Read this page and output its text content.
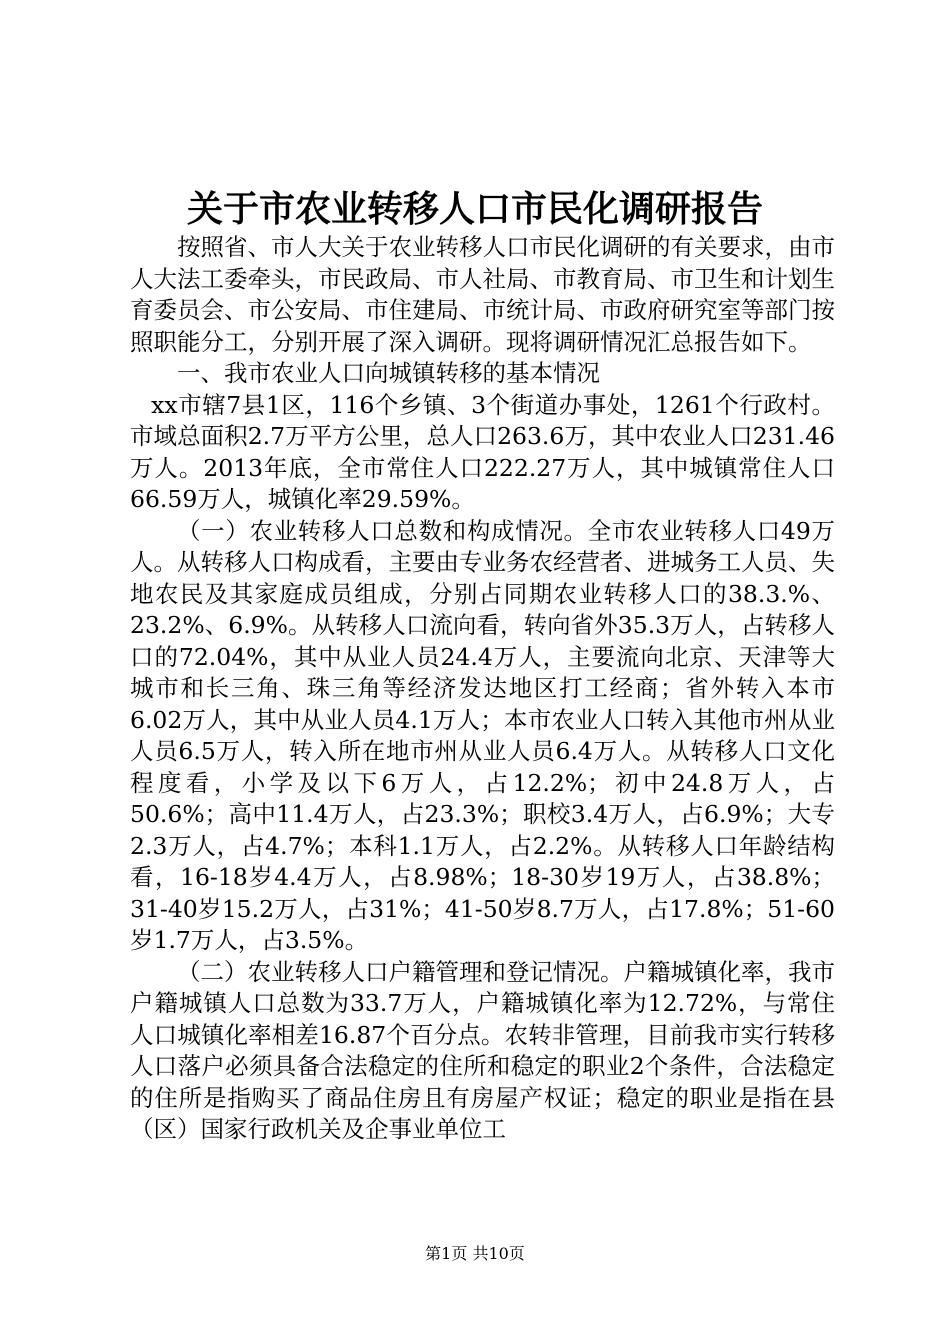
关于市农业转移人口市民化调研报告

按照省、市人大关于农业转移人口市民化调研的有关要求，由市人大法工委牵头，市民政局、市人社局、市教育局、市卫生和计划生育委员会、市公安局、市住建局、市统计局、市政府研究室等部门按照职能分工，分别开展了深入调研。现将调研情况汇总报告如下。

一、我市农业人口向城镇转移的基本情况

xx市辖7县1区，116个乡镇、3个街道办事处，1261个行政村。市域总面积2.7万平方公里，总人口263.6万，其中农业人口231.46万人。2013年底，全市常住人口222.27万人，其中城镇常住人口66.59万人，城镇化率29.59%。

（一）农业转移人口总数和构成情况。全市农业转移人口49万人。从转移人口构成看，主要由专业务农经营者、进城务工人员、失地农民及其家庭成员组成，分别占同期农业转移人口的38.3.%、23.2%、6.9%。从转移人口流向看，转向省外35.3万人，占转移人口的72.04%，其中从业人员24.4万人，主要流向北京、天津等大城市和长三角、珠三角等经济发达地区打工经商；省外转入本市6.02万人，其中从业人员4.1万人；本市农业人口转入其他市州从业人员6.5万人，转入所在地市州从业人员6.4万人。从转移人口文化程度看，小学及以下6万人，占12.2%；初中24.8万人，占50.6%；高中11.4万人，占23.3%；职校3.4万人，占6.9%；大专2.3万人，占4.7%；本科1.1万人，占2.2%。从转移人口年龄结构看，16-18岁4.4万人，占8.98%；18-30岁19万人，占38.8%；31-40岁15.2万人，占31%；41-50岁8.7万人，占17.8%；51-60岁1.7万人，占3.5%。

（二）农业转移人口户籍管理和登记情况。户籍城镇化率，我市户籍城镇人口总数为33.7万人，户籍城镇化率为12.72%，与常住人口城镇化率相差16.87个百分点。农转非管理，目前我市实行转移人口落户必须具备合法稳定的住所和稳定的职业2个条件，合法稳定的住所是指购买了商品住房且有房屋产权证；稳定的职业是指在县（区）国家行政机关及企事业单位工

第1页 共10页
